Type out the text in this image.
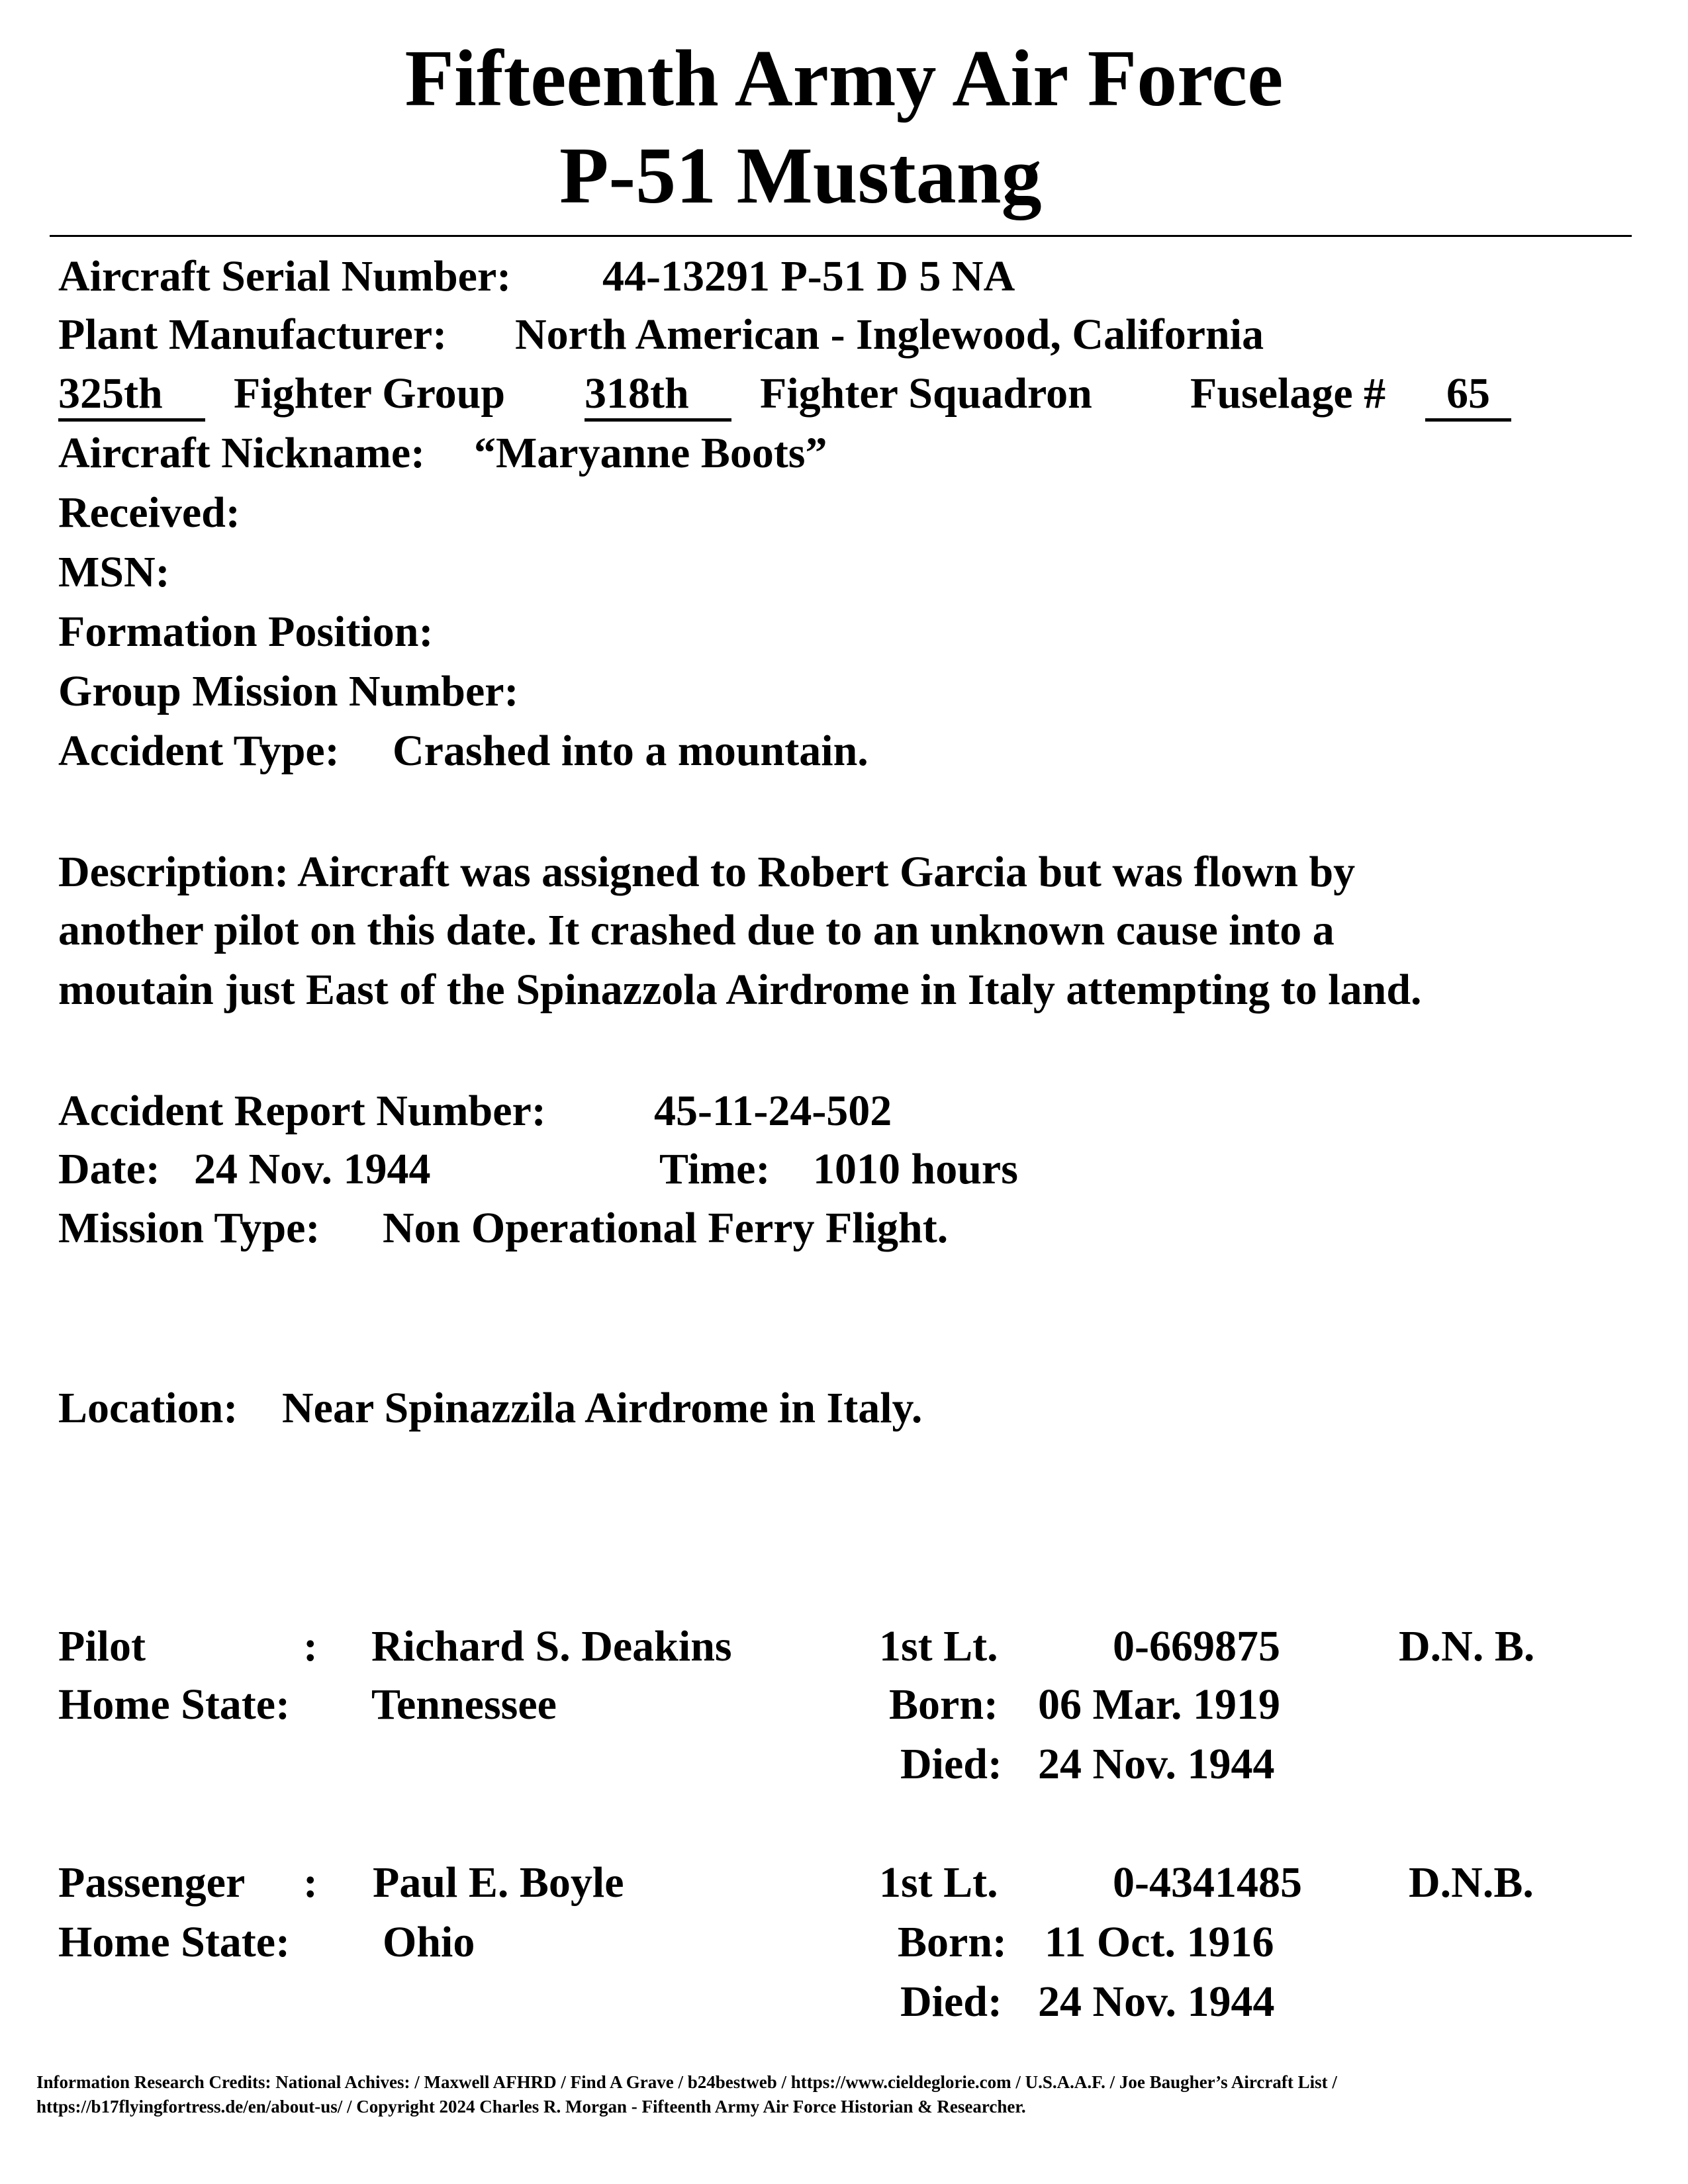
Fifteenth Army Air Force
P-51 Mustang
Aircraft Serial Number: 44-13291 P-51 D 5 NA
Plant Manufacturer: North American - Inglewood, California
325th	Fighter Group 318th	Fighter Squadron Fuselage #	65
Aircraft Nickname: “Maryanne Boots”
Received:
MSN:
Formation Position:
Group Mission Number:
Accident Type: Crashed into a mountain.
Description: Aircraft was assigned to Robert Garcia but was flown by
another pilot on this date. It crashed due to an unknown cause into a
moutain just East of the Spinazzola Airdrome in Italy attempting to land.
Accident Report Number: 45-11-24-502
Date: 24 Nov. 1944	Time: 1010 hours
Mission Type: Non Operational Ferry Flight.
Location: Near Spinazzila Airdrome in Italy.
Pilot	: Richard S. Deakins	1st Lt.	0-669875	D.N. B.
Home State: Tennessee	Born: 06 Mar. 1919
Died: 24 Nov. 1944
Passenger : Paul E. Boyle	1st Lt.	0-4341485 D.N.B.
Home State: Ohio	Born: 11 Oct. 1916
Died: 24 Nov. 1944
Information Research Credits: National Achives: / Maxwell AFHRD / Find A Grave / b24bestweb / https://www.cieldeglorie.com / U.S.A.A.F. / Joe Baugher’s Aircraft List /
https://b17flyingfortress.de/en/about-us/ / Copyright 2024 Charles R. Morgan - Fifteenth Army Air Force Historian & Researcher.
